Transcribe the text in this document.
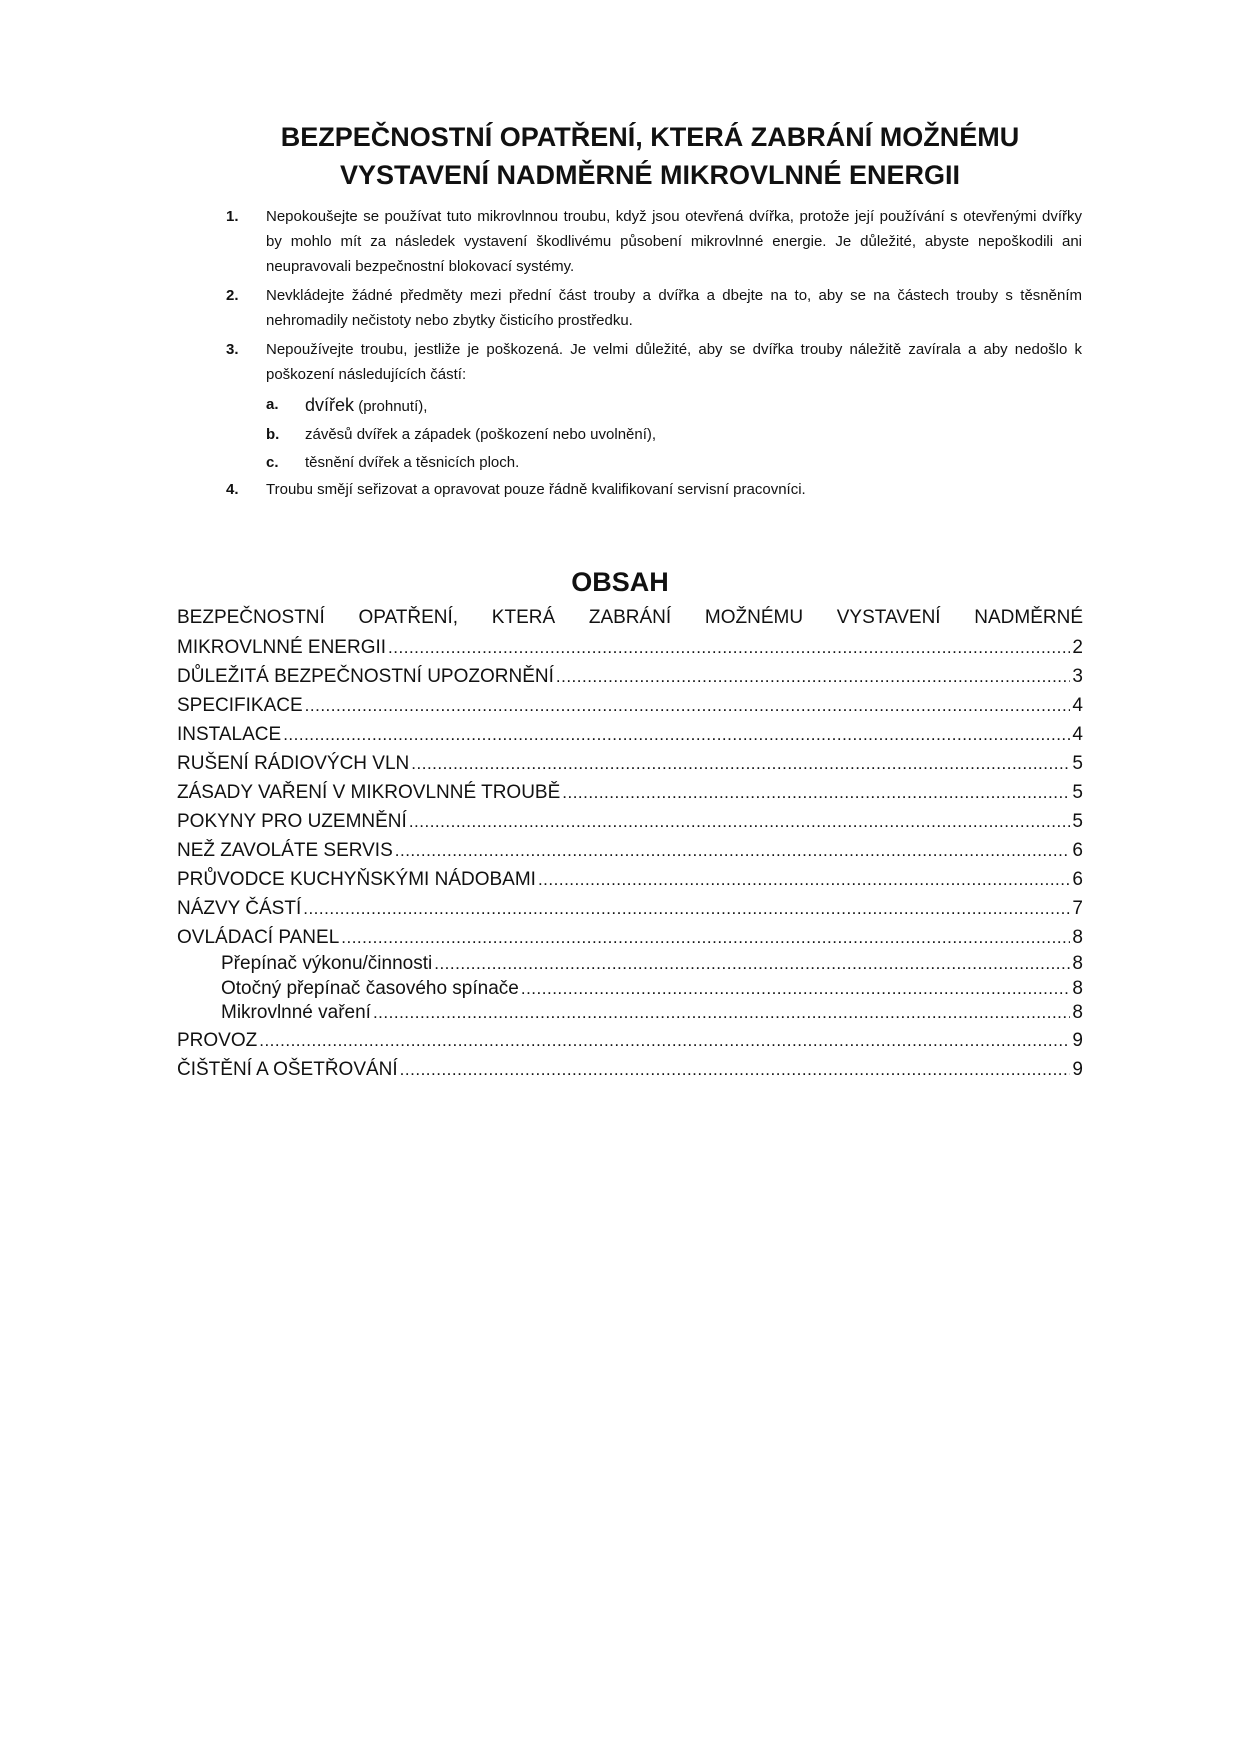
BEZPEČNOSTNÍ OPATŘENÍ, KTERÁ ZABRÁNÍ MOŽNÉMU
VYSTAVENÍ NADMĚRNÉ MIKROVLNNÉ ENERGII
1. Nepokoušejte se používat tuto mikrovlnnou troubu, když jsou otevřená dvířka, protože její používání s otevřenými dvířky by mohlo mít za následek vystavení škodlivému působení mikrovlnné energie. Je důležité, abyste nepoškodili ani neupravovali bezpečnostní blokovací systémy.
2. Nevkládejte žádné předměty mezi přední část trouby a dvířka a dbejte na to, aby se na částech trouby s těsněním nehromadily nečistoty nebo zbytky čisticího prostředku.
3. Nepoužívejte troubu, jestliže je poškozená. Je velmi důležité, aby se dvířka trouby náležitě zavírala a aby nedošlo k poškození následujících částí:
a. dvířek (prohnutí),
b. závěsů dvířek a západek (poškození nebo uvolnění),
c. těsnění dvířek a těsnicích ploch.
4. Troubu smějí seřizovat a opravovat pouze řádně kvalifikovaní servisní pracovníci.
OBSAH
BEZPEČNOSTNÍ OPATŘENÍ, KTERÁ ZABRÁNÍ MOŽNÉMU VYSTAVENÍ NADMĚRNÉ
MIKROVLNNÉ ENERGII .....	2
DŮLEŽITÁ BEZPEČNOSTNÍ UPOZORNĚNÍ .....	3
SPECIFIKACE .....	4
INSTALACE .....	4
RUŠENÍ RÁDIOVÝCH VLN .....	5
ZÁSADY VAŘENÍ V MIKROVLNNÉ TROUBĚ .....	5
POKYNY PRO UZEMNĚNÍ .....	5
NEŽ ZAVOLÁTE SERVIS .....	6
PRŮVODCE KUCHYŇSKÝMI NÁDOBAMI .....	6
NÁZVY ČÁSTÍ .....	7
OVLÁDACÍ PANEL .....	8
Přepínač výkonu/činnosti .....	8
Otočný přepínač časového spínače .....	8
Mikrovlnné vaření .....	8
PROVOZ .....	9
ČIŠTĚNÍ A OŠETŘOVÁNÍ .....	9
